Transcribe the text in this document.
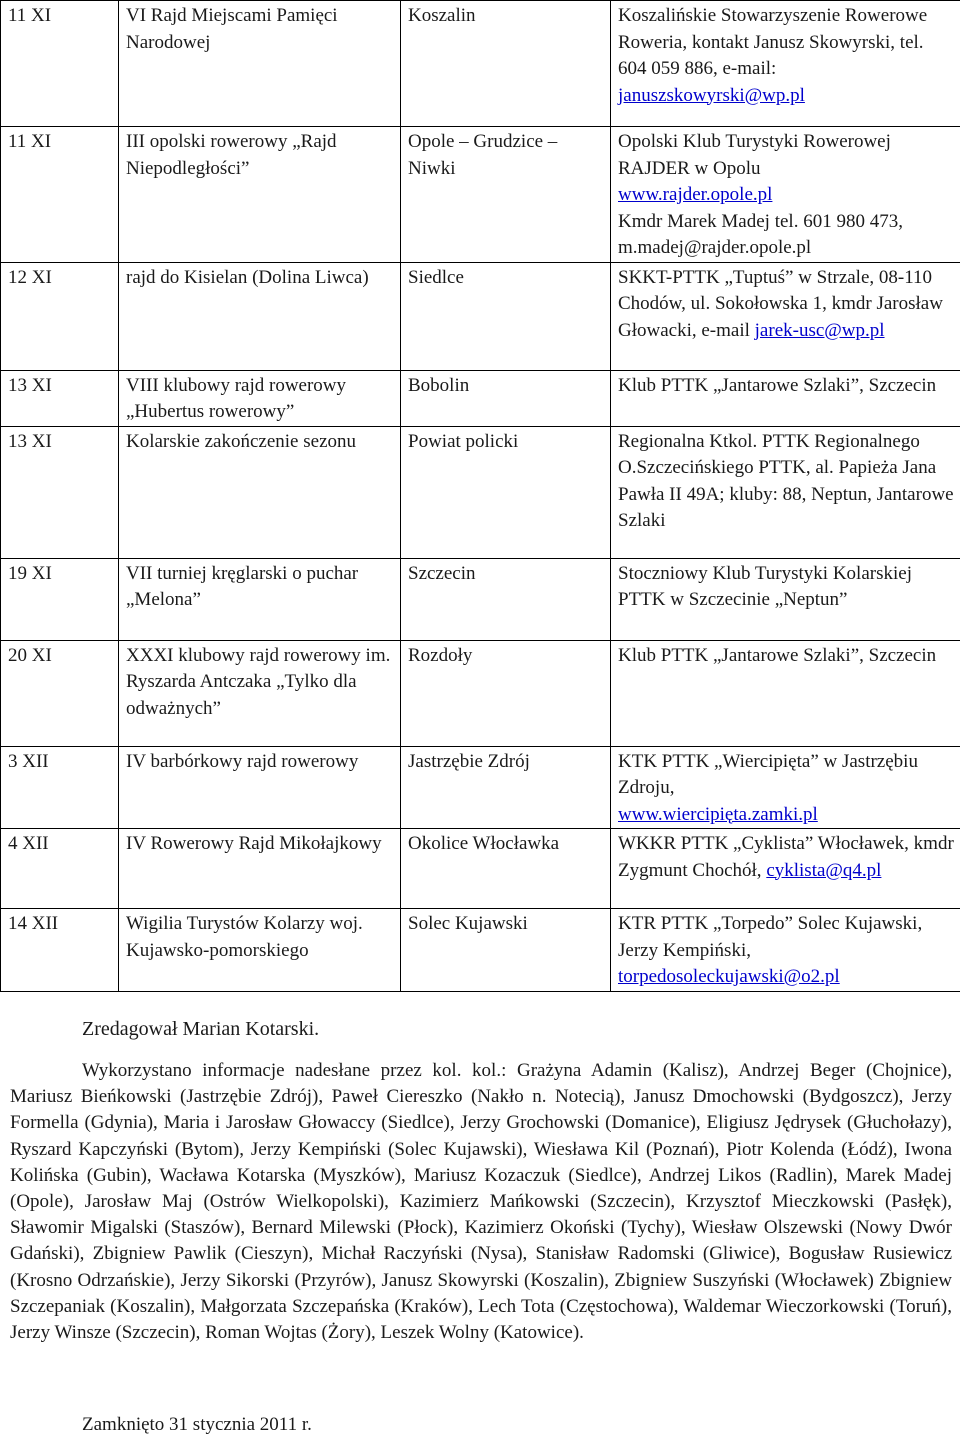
11 XI	VI Rajd Miejscami Pamięci Narodowej	Koszalin	Koszalińskie Stowarzyszenie Rowerowe Roweria, kontakt Janusz Skowyrski, tel. 604 059 886, e-mail: januszskowyrski@wp.pl
11 XI	III opolski rowerowy „Rajd Niepodległości”	Opole – Grudzice – Niwki	Opolski Klub Turystyki Rowerowej RAJDER w Opolu
www.rajder.opole.pl
Kmdr Marek Madej tel. 601 980 473, m.madej@rajder.opole.pl
12 XI	rajd do Kisielan (Dolina Liwca)	Siedlce	SKKT-PTTK „Tuptuś” w Strzale, 08-110 Chodów, ul. Sokołowska 1, kmdr Jarosław Głowacki, e-mail jarek-usc@wp.pl
13 XI	VIII klubowy rajd rowerowy „Hubertus rowerowy”	Bobolin	Klub PTTK „Jantarowe Szlaki”, Szczecin
13 XI	Kolarskie zakończenie sezonu	Powiat policki	Regionalna Ktkol. PTTK Regionalnego O.Szczecińskiego PTTK, al. Papieża Jana Pawła II 49A; kluby: 88, Neptun, Jantarowe Szlaki
19 XI	VII turniej kręglarski o puchar „Melona”	Szczecin	Stoczniowy Klub Turystyki Kolarskiej PTTK w Szczecinie „Neptun”
20 XI	XXXI klubowy rajd rowerowy im. Ryszarda Antczaka „Tylko dla odważnych”	Rozdoły	Klub PTTK „Jantarowe Szlaki”, Szczecin
3 XII	IV barbórkowy rajd rowerowy	Jastrzębie Zdrój	KTK PTTK „Wiercipięta” w Jastrzębiu Zdroju,
www.wiercipięta.zamki.pl
4 XII	IV Rowerowy Rajd Mikołajkowy	Okolice Włocławka	WKKR PTTK „Cyklista” Włocławek, kmdr Zygmunt Chochół, cyklista@q4.pl
14 XII	Wigilia Turystów Kolarzy woj. Kujawsko-pomorskiego	Solec Kujawski	KTR PTTK „Torpedo” Solec Kujawski, Jerzy Kempiński,
torpedosoleckujawski@o2.pl
Zredagował Marian Kotarski.

Wykorzystano informacje nadesłane przez kol. kol.: Grażyna Adamin (Kalisz), Andrzej Beger (Chojnice), Mariusz Bieńkowski (Jastrzębie Zdrój), Paweł Ciereszko (Nakło n. Notecią), Janusz Dmochowski (Bydgoszcz), Jerzy Formella (Gdynia), Maria i Jarosław Głowaccy (Siedlce), Jerzy Grochowski (Domanice), Eligiusz Jędrysek (Głuchołazy), Ryszard Kapczyński (Bytom), Jerzy Kempiński (Solec Kujawski), Wiesława Kil (Poznań), Piotr Kolenda (Łódź), Iwona Kolińska (Gubin), Wacława Kotarska (Myszków), Mariusz Kozaczuk (Siedlce), Andrzej Likos (Radlin), Marek Madej (Opole), Jarosław Maj (Ostrów Wielkopolski), Kazimierz Mańkowski (Szczecin), Krzysztof Mieczkowski (Pasłęk), Sławomir Migalski (Staszów), Bernard Milewski (Płock), Kazimierz Okoński (Tychy), Wiesław Olszewski (Nowy Dwór Gdański), Zbigniew Pawlik (Cieszyn), Michał Raczyński (Nysa), Stanisław Radomski (Gliwice), Bogusław Rusiewicz (Krosno Odrzańskie), Jerzy Sikorski (Przyrów), Janusz Skowyrski (Koszalin), Zbigniew Suszyński (Włocławek) Zbigniew Szczepaniak (Koszalin), Małgorzata Szczepańska (Kraków), Lech Tota (Częstochowa), Waldemar Wieczorkowski (Toruń), Jerzy Winsze (Szczecin), Roman Wojtas (Żory), Leszek Wolny (Katowice).

Zamknięto 31 stycznia 2011 r.
